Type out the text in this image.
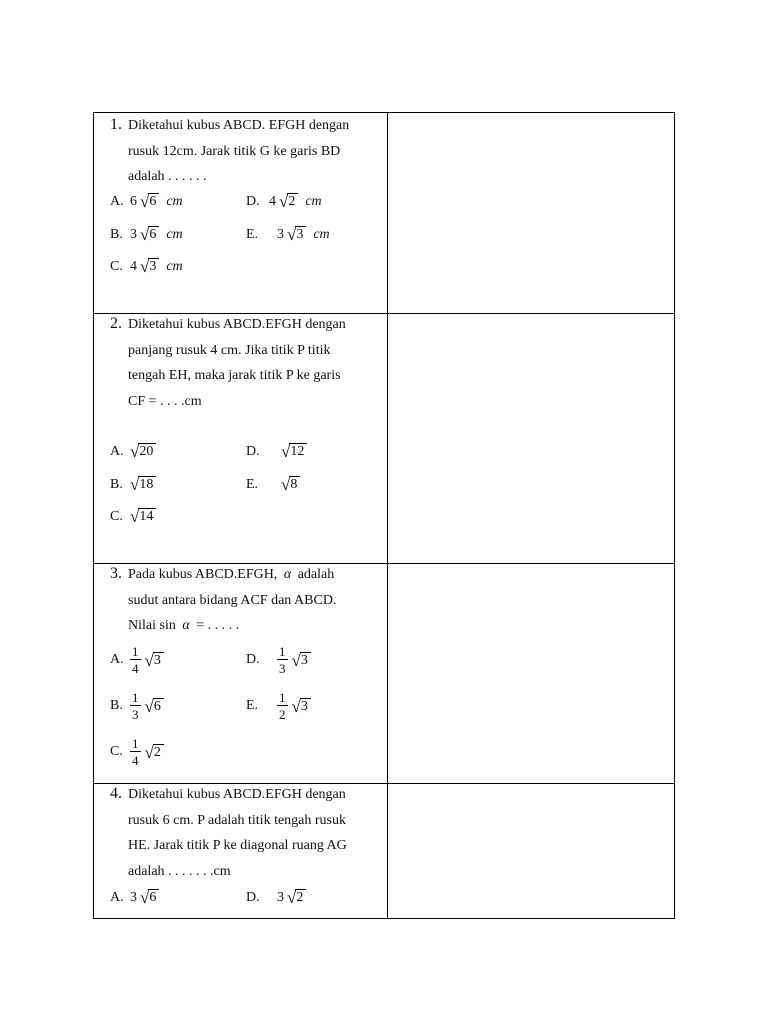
1. Diketahui kubus ABCD. EFGH dengan
rusuk 12cm. Jarak titik G ke garis BD
adalah . . . . . .
A. 6 √ 6 cm	D. 4 √ 2 cm
B. 3 √ 6 cm	E.	3 √ 3 cm
C. 4 √ 3 cm
2. Diketahui kubus ABCD.EFGH dengan
panjang rusuk 4 cm. Jika titik P titik
tengah EH, maka jarak titik P ke garis
CF = . . . .cm
A. √ 20	D.	√ 12
B. √ 18	E.	√ 8
C. √ 14
3. Pada kubus ABCD.EFGH, α adalah
sudut antara bidang ACF dan ABCD.
Nilai sin α = . . . . .
A. $\frac{1}{4}$ √ 3	D.	$\frac{1}{3}$ √ 3
B. $\frac{1}{3}$ √ 6	E.	$\frac{1}{2}$ √ 3
C. $\frac{1}{4}$ √ 2
4. Diketahui kubus ABCD.EFGH dengan
rusuk 6 cm. P adalah titik tengah rusuk
HE. Jarak titik P ke diagonal ruang AG
adalah . . . . . . .cm
A. 3 √ 6	D.	3 √ 2
